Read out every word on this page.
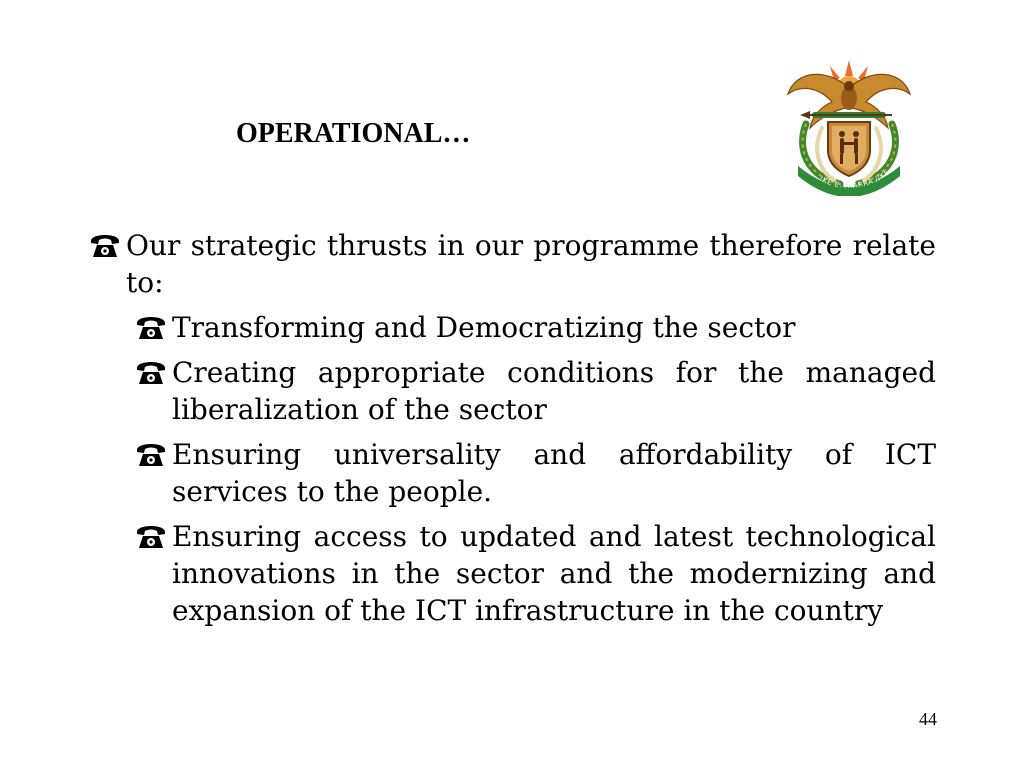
OPERATIONAL…
!KE E: /XARRA //KE
Our strategic thrusts in our programme therefore relate to:
Transforming and Democratizing the sector
Creating appropriate conditions for the managed liberalization of the sector
Ensuring universality and affordability of ICT services to the people.
Ensuring access to updated and latest technological innovations in the sector and the modernizing and expansion of the ICT infrastructure in the country
44
